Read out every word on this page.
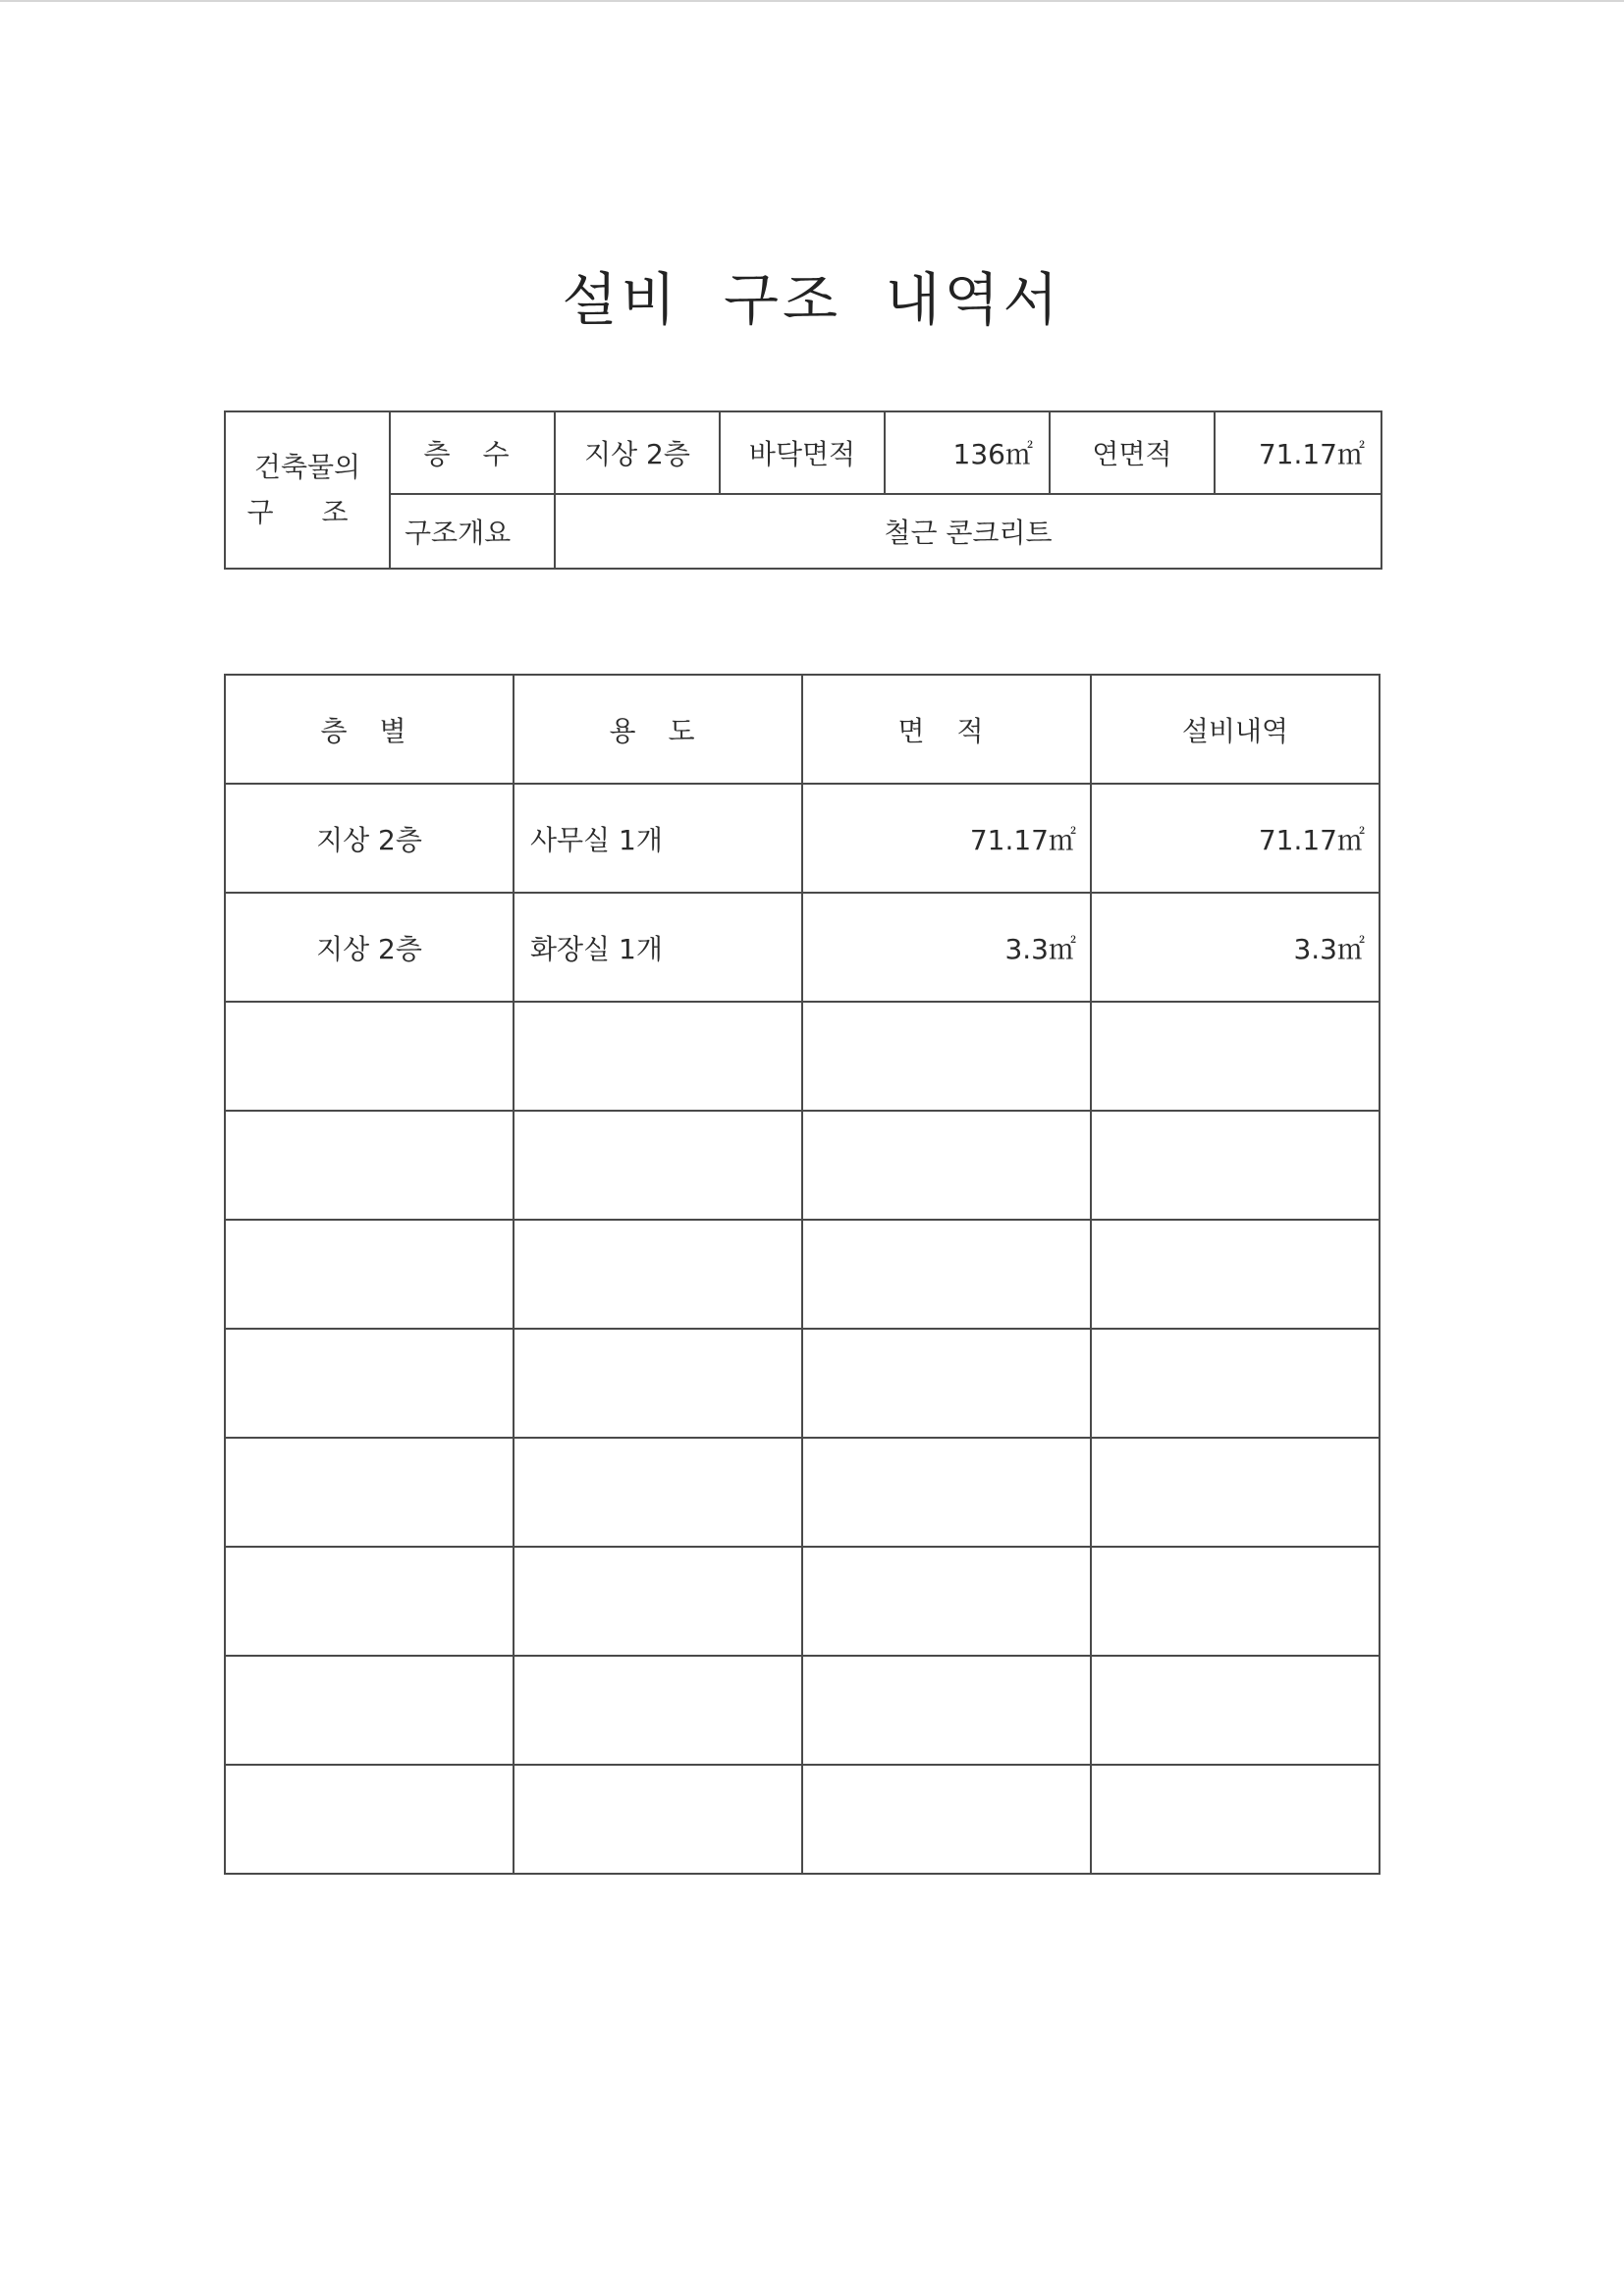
설비 구조 내역서
건축물의
구 조	층 수	지상 2층	바닥면적	136㎡	연면적	71.17㎡
	구조개요	철근 콘크리트				
층 별	용 도	면 적	설비내역
지상 2층	사무실 1개	71.17㎡	71.17㎡
지상 2층	화장실 1개	3.3㎡	3.3㎡
